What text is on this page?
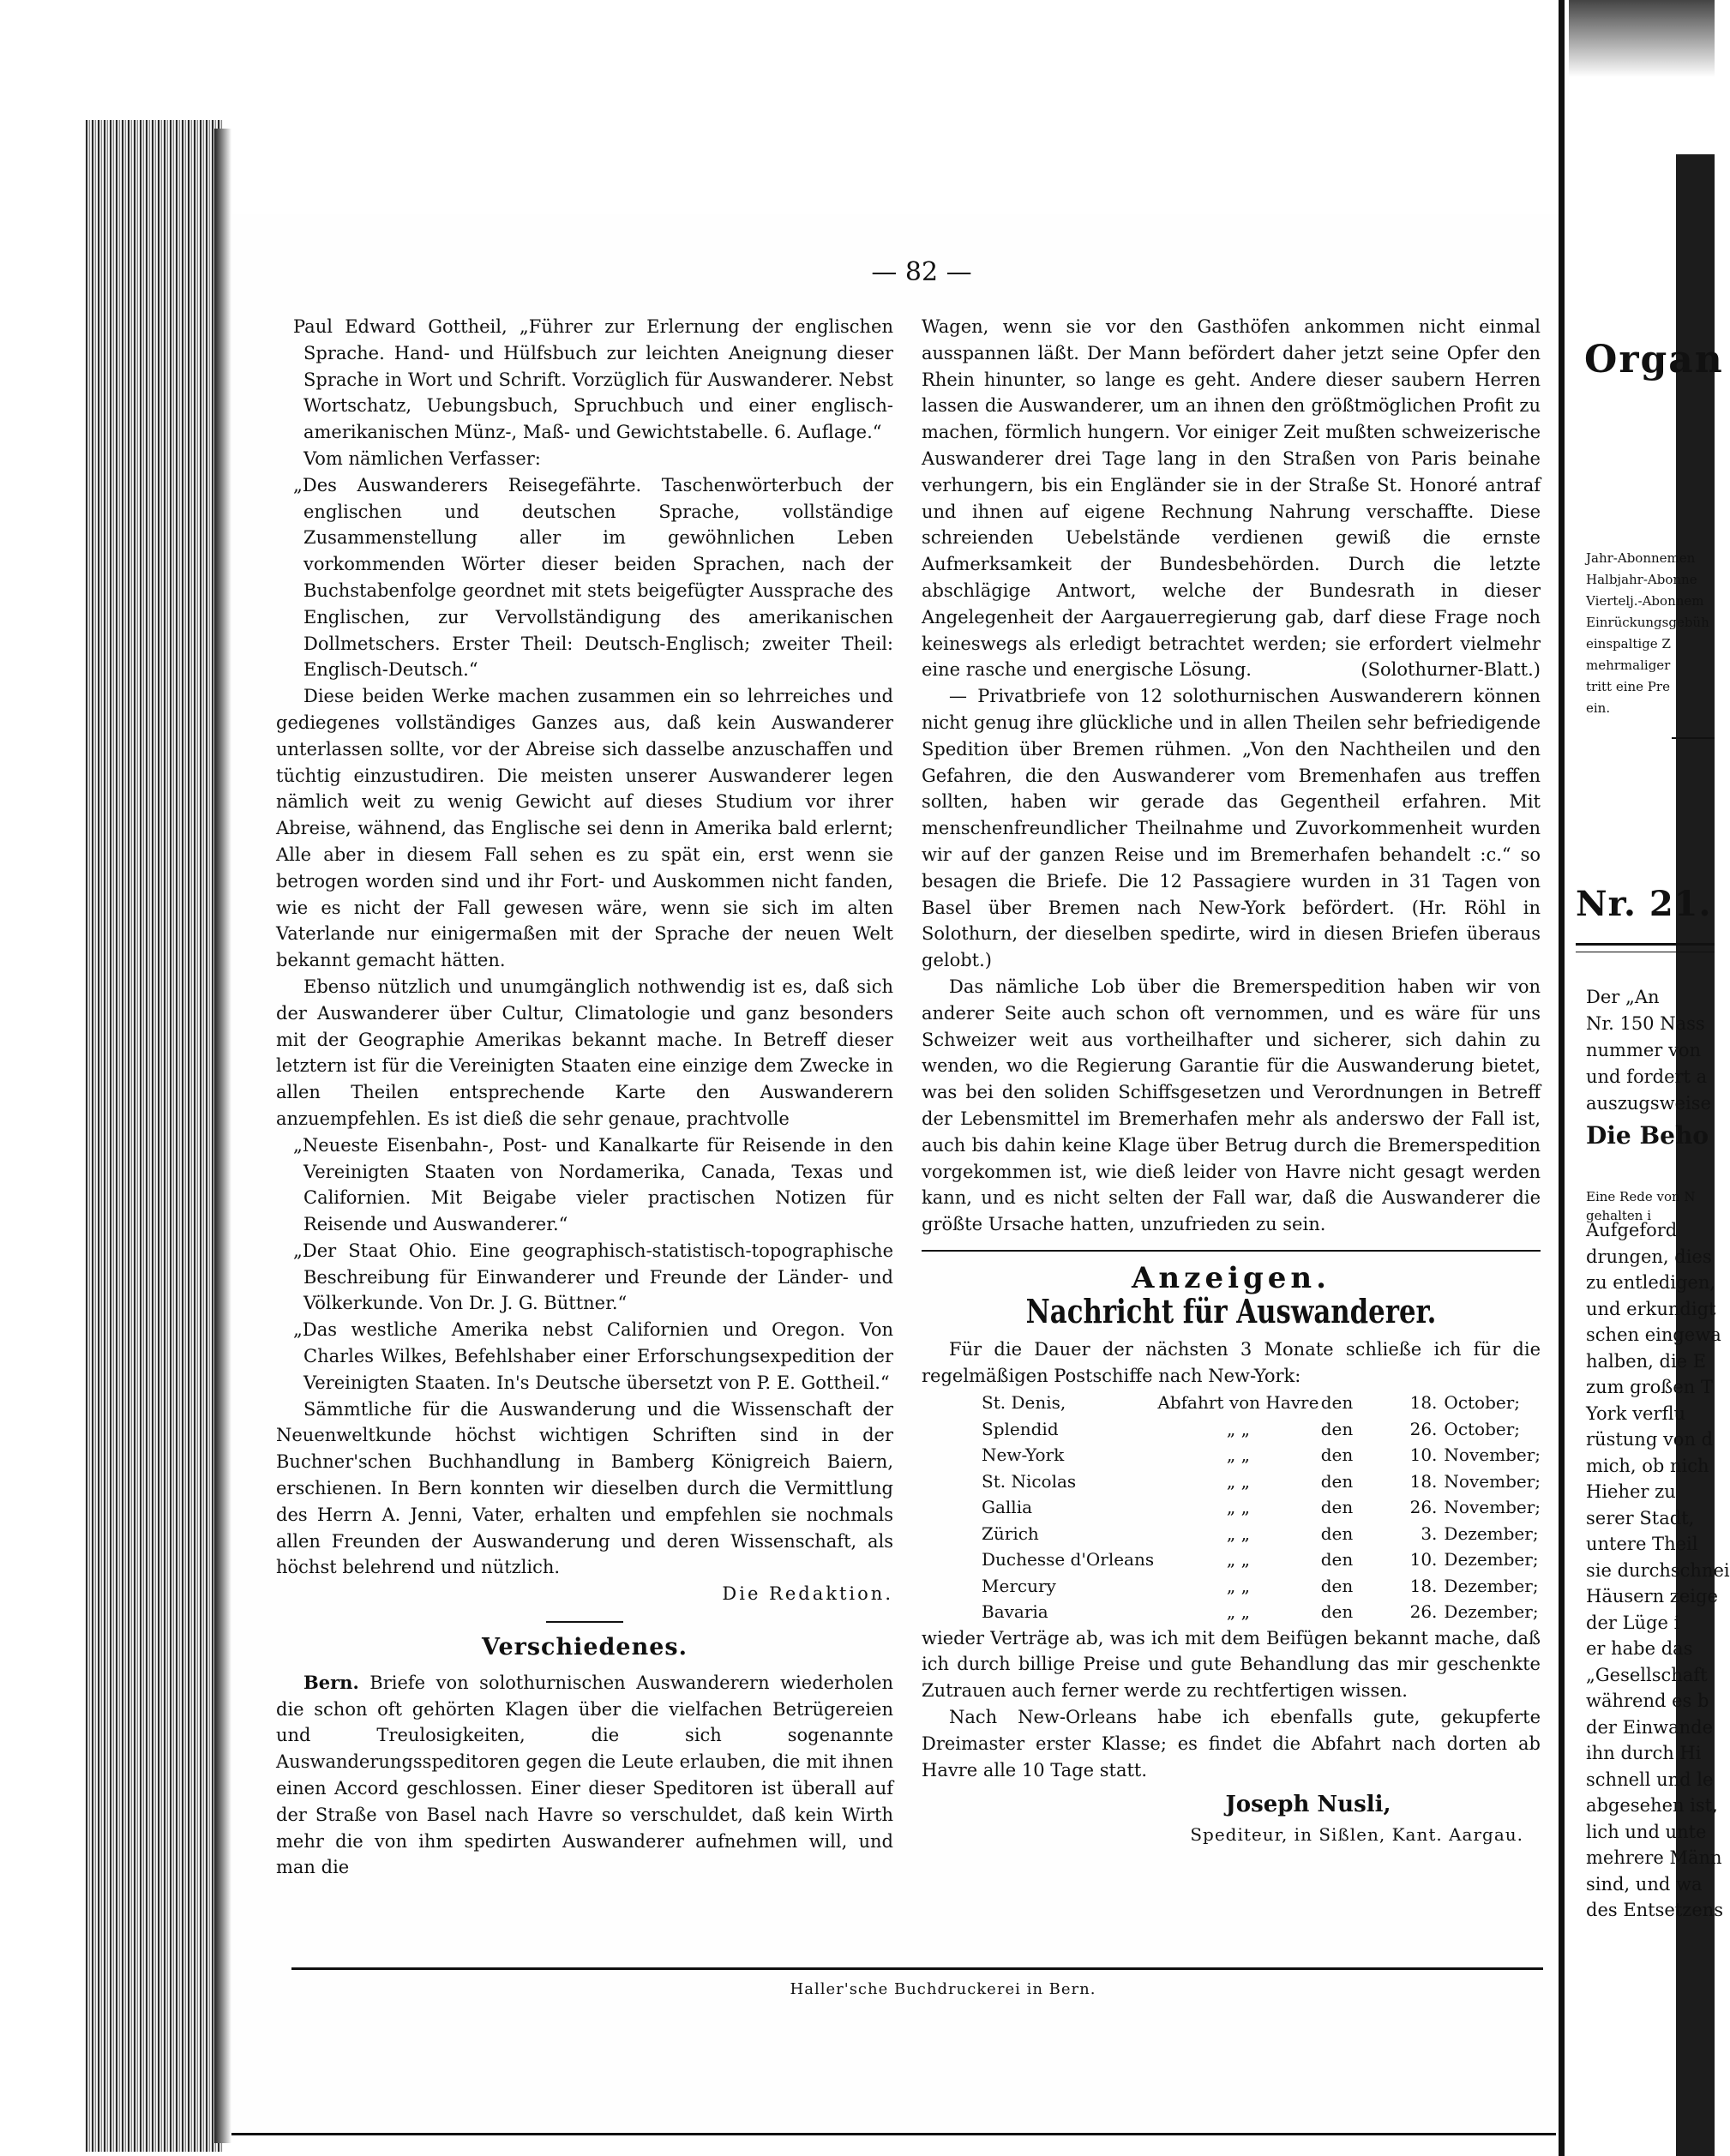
— 82 —

Paul Edward Gottheil, „Führer zur Erlernung der englischen Sprache. Hand- und Hülfsbuch zur leichten Aneignung dieser Sprache in Wort und Schrift. Vorzüglich für Auswanderer. Nebst Wortschatz, Uebungsbuch, Spruchbuch und einer englisch-amerikanischen Münz-, Maß- und Gewichtstabelle. 6. Auflage.“

Vom nämlichen Verfasser:

„Des Auswanderers Reisegefährte. Taschenwörterbuch der englischen und deutschen Sprache, vollständige Zusammenstellung aller im gewöhnlichen Leben vorkommenden Wörter dieser beiden Sprachen, nach der Buchstabenfolge geordnet mit stets beigefügter Aussprache des Englischen, zur Vervollständigung des amerikanischen Dollmetschers. Erster Theil: Deutsch-Englisch; zweiter Theil: Englisch-Deutsch.“

Diese beiden Werke machen zusammen ein so lehrreiches und gediegenes vollständiges Ganzes aus, daß kein Auswanderer unterlassen sollte, vor der Abreise sich dasselbe anzuschaffen und tüchtig einzustudiren. Die meisten unserer Auswanderer legen nämlich weit zu wenig Gewicht auf dieses Studium vor ihrer Abreise, wähnend, das Englische sei denn in Amerika bald erlernt; Alle aber in diesem Fall sehen es zu spät ein, erst wenn sie betrogen worden sind und ihr Fort- und Auskommen nicht fanden, wie es nicht der Fall gewesen wäre, wenn sie sich im alten Vaterlande nur einigermaßen mit der Sprache der neuen Welt bekannt gemacht hätten.

Ebenso nützlich und unumgänglich nothwendig ist es, daß sich der Auswanderer über Cultur, Climatologie und ganz besonders mit der Geographie Amerikas bekannt mache. In Betreff dieser letztern ist für die Vereinigten Staaten eine einzige dem Zwecke in allen Theilen entsprechende Karte den Auswanderern anzuempfehlen. Es ist dieß die sehr genaue, prachtvolle

„Neueste Eisenbahn-, Post- und Kanalkarte für Reisende in den Vereinigten Staaten von Nordamerika, Canada, Texas und Californien. Mit Beigabe vieler practischen Notizen für Reisende und Auswanderer.“

„Der Staat Ohio. Eine geographisch-statistisch-topographische Beschreibung für Einwanderer und Freunde der Länder- und Völkerkunde. Von Dr. J. G. Büttner.“

„Das westliche Amerika nebst Californien und Oregon. Von Charles Wilkes, Befehlshaber einer Erforschungsexpedition der Vereinigten Staaten. In's Deutsche übersetzt von P. E. Gottheil.“

Sämmtliche für die Auswanderung und die Wissenschaft der Neuenweltkunde höchst wichtigen Schriften sind in der Buchner'schen Buchhandlung in Bamberg Königreich Baiern, erschienen. In Bern konnten wir dieselben durch die Vermittlung des Herrn A. Jenni, Vater, erhalten und empfehlen sie nochmals allen Freunden der Auswanderung und deren Wissenschaft, als höchst belehrend und nützlich.

Die Redaktion.

Verschiedenes.

Bern. Briefe von solothurnischen Auswanderern wiederholen die schon oft gehörten Klagen über die vielfachen Betrügereien und Treulosigkeiten, die sich sogenannte Auswanderungsspeditoren gegen die Leute erlauben, die mit ihnen einen Accord geschlossen. Einer dieser Speditoren ist überall auf der Straße von Basel nach Havre so verschuldet, daß kein Wirth mehr die von ihm spedirten Auswanderer aufnehmen will, und man die

Wagen, wenn sie vor den Gasthöfen ankommen nicht einmal ausspannen läßt. Der Mann befördert daher jetzt seine Opfer den Rhein hinunter, so lange es geht. Andere dieser saubern Herren lassen die Auswanderer, um an ihnen den größtmöglichen Profit zu machen, förmlich hungern. Vor einiger Zeit mußten schweizerische Auswanderer drei Tage lang in den Straßen von Paris beinahe verhungern, bis ein Engländer sie in der Straße St. Honoré antraf und ihnen auf eigene Rechnung Nahrung verschaffte. Diese schreienden Uebelstände verdienen gewiß die ernste Aufmerksamkeit der Bundesbehörden. Durch die letzte abschlägige Antwort, welche der Bundesrath in dieser Angelegenheit der Aargauerregierung gab, darf diese Frage noch keineswegs als erledigt betrachtet werden; sie erfordert vielmehr eine rasche und energische Lösung.	(Solothurner-Blatt.)

— Privatbriefe von 12 solothurnischen Auswanderern können nicht genug ihre glückliche und in allen Theilen sehr befriedigende Spedition über Bremen rühmen. „Von den Nachtheilen und den Gefahren, die den Auswanderer vom Bremenhafen aus treffen sollten, haben wir gerade das Gegentheil erfahren. Mit menschenfreundlicher Theilnahme und Zuvorkommenheit wurden wir auf der ganzen Reise und im Bremerhafen behandelt :c.“ so besagen die Briefe. Die 12 Passagiere wurden in 31 Tagen von Basel über Bremen nach New-York befördert. (Hr. Röhl in Solothurn, der dieselben spedirte, wird in diesen Briefen überaus gelobt.)

Das nämliche Lob über die Bremerspedition haben wir von anderer Seite auch schon oft vernommen, und es wäre für uns Schweizer weit aus vortheilhafter und sicherer, sich dahin zu wenden, wo die Regierung Garantie für die Auswanderung bietet, was bei den soliden Schiffsgesetzen und Verordnungen in Betreff der Lebensmittel im Bremerhafen mehr als anderswo der Fall ist, auch bis dahin keine Klage über Betrug durch die Bremerspedition vorgekommen ist, wie dieß leider von Havre nicht gesagt werden kann, und es nicht selten der Fall war, daß die Auswanderer die größte Ursache hatten, unzufrieden zu sein.

Anzeigen.
Nachricht für Auswanderer.

Für die Dauer der nächsten 3 Monate schließe ich für die regelmäßigen Postschiffe nach New-York:

St. Denis,	Abfahrt von Havre	den	18.	October;
Splendid	„ „	den	26.	October;
New-York	„ „	den	10.	November;
St. Nicolas	„ „	den	18.	November;
Gallia	„ „	den	26.	November;
Zürich	„ „	den	3.	Dezember;
Duchesse d'Orleans	„ „	den	10.	Dezember;
Mercury	„ „	den	18.	Dezember;
Bavaria	„ „	den	26.	Dezember;

wieder Verträge ab, was ich mit dem Beifügen bekannt mache, daß ich durch billige Preise und gute Behandlung das mir geschenkte Zutrauen auch ferner werde zu rechtfertigen wissen.

Nach New-Orleans habe ich ebenfalls gute, gekupferte Dreimaster erster Klasse; es findet die Abfahrt nach dorten ab Havre alle 10 Tage statt.

Joseph Nusli,
Spediteur, in Sißlen, Kant. Aargau.
Haller'sche Buchdruckerei in Bern.
Organ
Jahr-Abonnemen
Halbjahr-Abonne
Viertelj.-Abonnem
Einrückungsgebüh
einspaltige Z
mehrmaliger
tritt eine Pre
ein.
Nr. 21.
Der „An
Nr. 150 Nass
nummer von
und fordert a
auszugsweise
Die Beho
Eine Rede von N
gehalten i
Aufgeford
drungen, dies
zu entledigen,
und erkundigt
schen eingewa
halben, die E
zum großen T
York verflu
rüstung von d
mich, ob nich
Hieher zu
serer Stadt,
untere Theil
sie durchschnei
Häusern zeige
der Lüge i
er habe das
„Gesellschaft
während es b
der Einwande
ihn durch Hi
schnell und le
abgesehen ist,
lich und unte
mehrere Männ
sind, und wa
des Entsetzens
